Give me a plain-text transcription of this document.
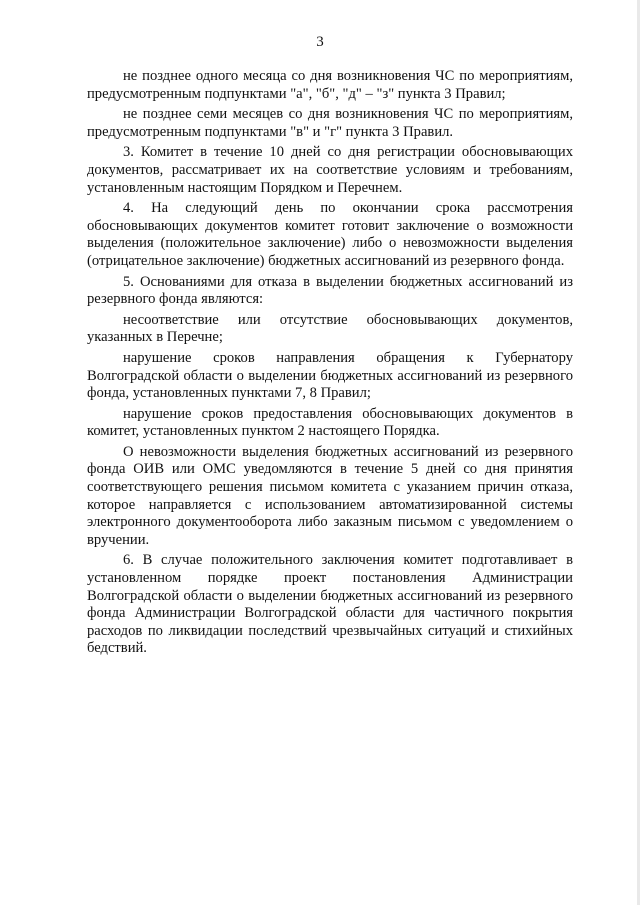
3

не позднее одного месяца со дня возникновения ЧС по мероприятиям, предусмотренным подпунктами "а", "б", "д" – "з" пункта 3 Правил;

не позднее семи месяцев со дня возникновения ЧС по мероприятиям, предусмотренным подпунктами "в" и "г" пункта 3 Правил.

3. Комитет в течение 10 дней со дня регистрации обосновывающих документов, рассматривает их на соответствие условиям и требованиям, установленным настоящим Порядком и Перечнем.

4. На следующий день по окончании срока рассмотрения обосновывающих документов комитет готовит заключение о возможности выделения (положительное заключение) либо о невозможности выделения (отрицательное заключение) бюджетных ассигнований из резервного фонда.

5. Основаниями для отказа в выделении бюджетных ассигнований из резервного фонда являются:

несоответствие или отсутствие обосновывающих документов, указанных в Перечне;

нарушение сроков направления обращения к Губернатору Волгоградской области о выделении бюджетных ассигнований из резервного фонда, установленных пунктами 7, 8 Правил;

нарушение сроков предоставления обосновывающих документов в комитет, установленных пунктом 2 настоящего Порядка.

О невозможности выделения бюджетных ассигнований из резервного фонда ОИВ или ОМС уведомляются в течение 5 дней со дня принятия соответствующего решения письмом комитета с указанием причин отказа, которое направляется с использованием автоматизированной системы электронного документооборота либо заказным письмом с уведомлением о вручении.

6. В случае положительного заключения комитет подготавливает в установленном порядке проект постановления Администрации Волгоградской области о выделении бюджетных ассигнований из резервного фонда Администрации Волгоградской области для частичного покрытия расходов по ликвидации последствий чрезвычайных ситуаций и стихийных бедствий.
